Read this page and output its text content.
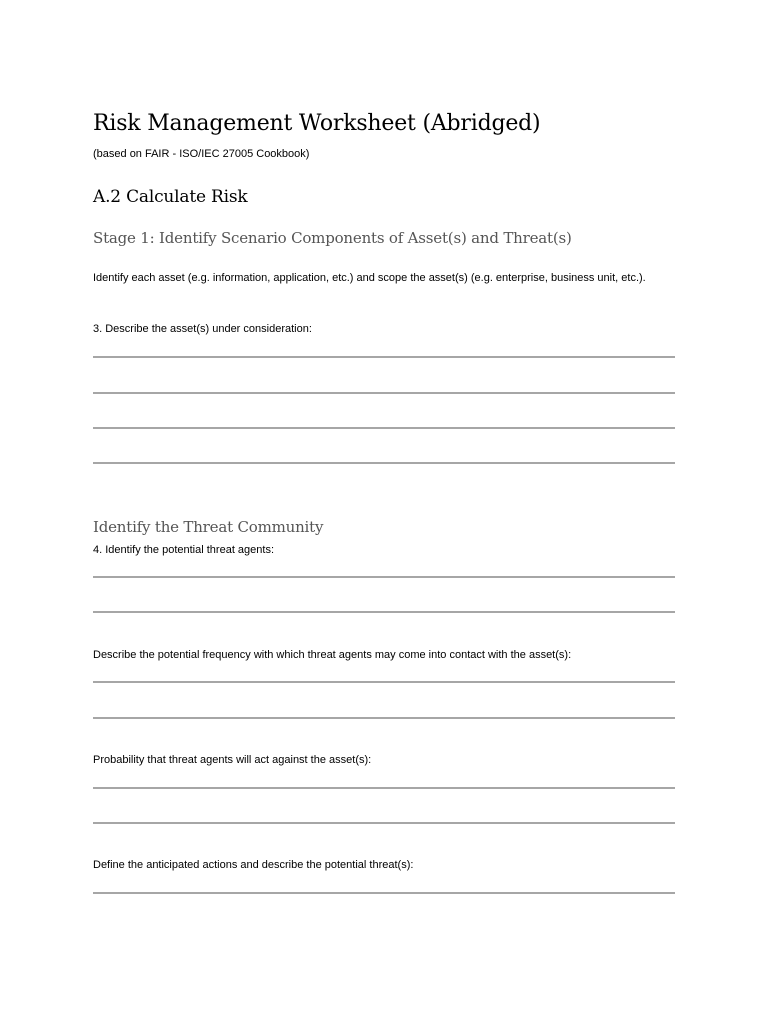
Risk Management Worksheet (Abridged)
(based on FAIR - ISO/IEC 27005 Cookbook)
A.2 Calculate Risk
Stage 1: Identify Scenario Components of Asset(s) and Threat(s)
Identify each asset (e.g. information, application, etc.) and scope the asset(s) (e.g. enterprise, business unit, etc.).
3. Describe the asset(s) under consideration:
Identify the Threat Community
4. Identify the potential threat agents:
Describe the potential frequency with which threat agents may come into contact with the asset(s):
Probability that threat agents will act against the asset(s):
Define the anticipated actions and describe the potential threat(s):
